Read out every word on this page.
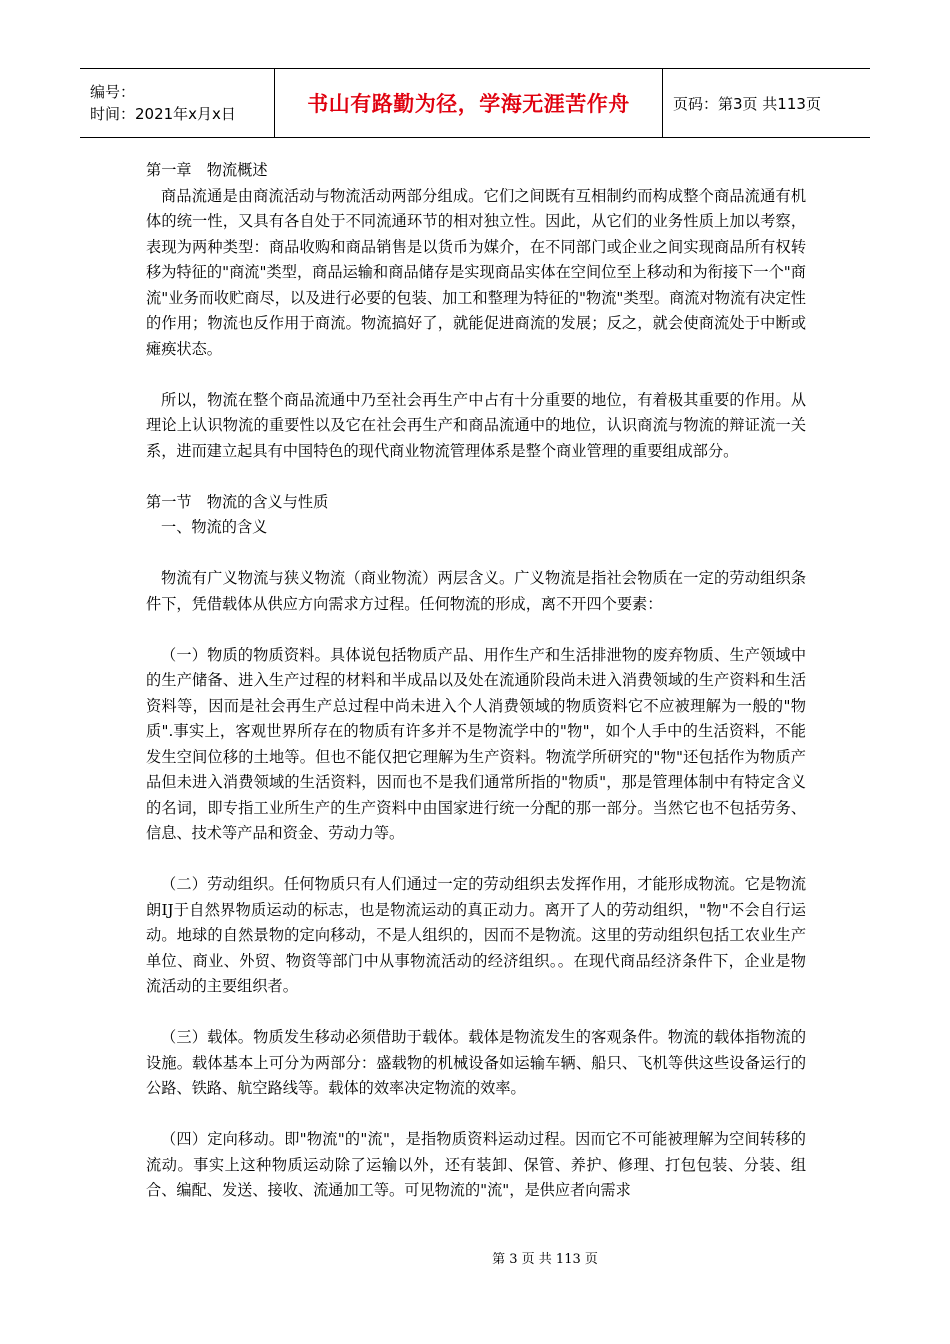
编号：
时间：2021年x月x日	书山有路勤为径，学海无涯苦作舟	页码：第3页 共113页

第一章　物流概述

商品流通是由商流活动与物流活动两部分组成。它们之间既有互相制约而构成整个商品流通有机体的统一性，又具有各自处于不同流通环节的相对独立性。因此，从它们的业务性质上加以考察，表现为两种类型：商品收购和商品销售是以货币为媒介，在不同部门或企业之间实现商品所有权转移为特征的"商流"类型，商品运输和商品储存是实现商品实体在空间位至上移动和为衔接下一个"商流"业务而收贮商尽，以及进行必要的包装、加工和整理为特征的"物流"类型。商流对物流有决定性的作用；物流也反作用于商流。物流搞好了，就能促进商流的发展；反之，就会使商流处于中断或瘫痪状态。

所以，物流在整个商品流通中乃至社会再生产中占有十分重要的地位，有着极其重要的作用。从理论上认识物流的重要性以及它在社会再生产和商品流通中的地位，认识商流与物流的辩证流一关系，进而建立起具有中国特色的现代商业物流管理体系是整个商业管理的重要组成部分。

第一节　物流的含义与性质

一、物流的含义

物流有广义物流与狭义物流（商业物流）两层含义。广义物流是指社会物质在一定的劳动组织条件下，凭借载体从供应方向需求方过程。任何物流的形成，离不开四个要素：

（一）物质的物质资料。具体说包括物质产品、用作生产和生活排泄物的废弃物质、生产领域中的生产储备、进入生产过程的材料和半成品以及处在流通阶段尚未进入消费领域的生产资料和生活资料等，因而是社会再生产总过程中尚未进入个人消费领域的物质资料它不应被理解为一般的"物质".事实上，客观世界所存在的物质有许多并不是物流学中的"物"，如个人手中的生活资料，不能发生空间位移的土地等。但也不能仅把它理解为生产资料。物流学所研究的"物"还包括作为物质产品但未进入消费领域的生活资料，因而也不是我们通常所指的"物质"，那是管理体制中有特定含义的名词，即专指工业所生产的生产资料中由国家进行统一分配的那一部分。当然它也不包括劳务、信息、技术等产品和资金、劳动力等。

（二）劳动组织。任何物质只有人们通过一定的劳动组织去发挥作用，才能形成物流。它是物流朗IJ于自然界物质运动的标志，也是物流运动的真正动力。离开了人的劳动组织，"物"不会自行运动。地球的自然景物的定向移动，不是人组织的，因而不是物流。这里的劳动组织包括工农业生产单位、商业、外贸、物资等部门中从事物流活动的经济组织。。在现代商品经济条件下，企业是物流活动的主要组织者。

（三）载体。物质发生移动必须借助于载体。载体是物流发生的客观条件。物流的载体指物流的设施。载体基本上可分为两部分：盛载物的机械设备如运输车辆、船只、飞机等供这些设备运行的公路、铁路、航空路线等。载体的效率决定物流的效率。

（四）定向移动。即"物流"的"流"，是指物质资料运动过程。因而它不可能被理解为空间转移的流动。事实上这种物质运动除了运输以外，还有装卸、保管、养护、修理、打包包装、分装、组合、编配、发送、接收、流通加工等。可见物流的"流"，是供应者向需求

第 3 页 共 113 页
